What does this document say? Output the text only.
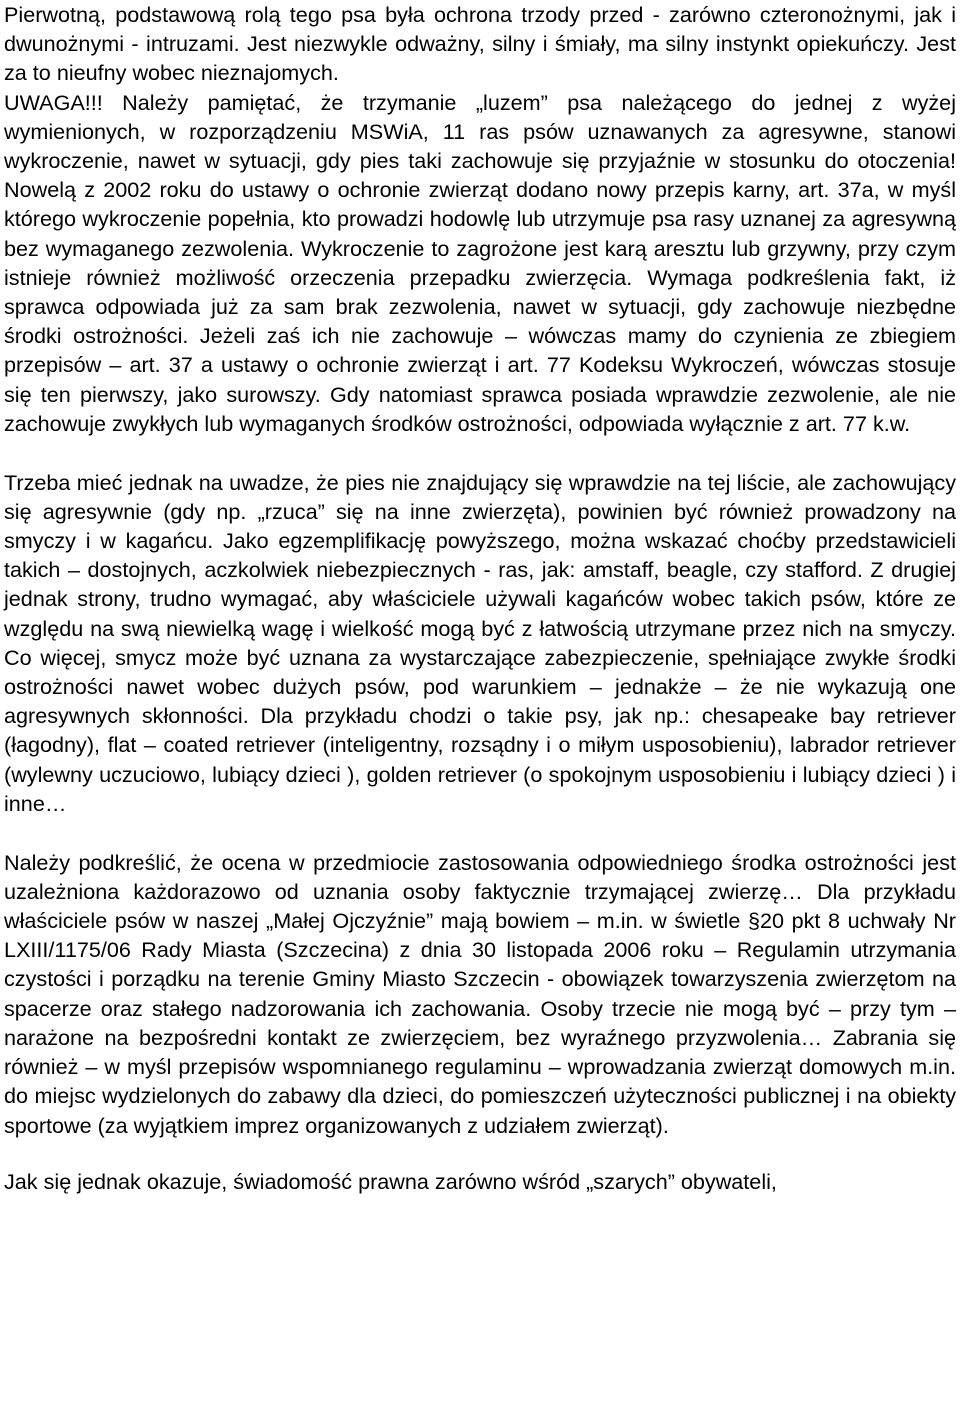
Pierwotną, podstawową rolą tego psa była ochrona trzody przed - zarówno czteronożnymi, jak i dwunożnymi - intruzami. Jest niezwykle odważny, silny i śmiały, ma silny instynkt opiekuńczy. Jest za to nieufny wobec nieznajomych.

UWAGA!!! Należy pamiętać, że trzymanie „luzem” psa należącego do jednej z wyżej wymienionych, w rozporządzeniu MSWiA, 11 ras psów uznawanych za agresywne, stanowi wykroczenie, nawet w sytuacji, gdy pies taki zachowuje się przyjaźnie w stosunku do otoczenia! Nowelą z 2002 roku do ustawy o ochronie zwierząt dodano nowy przepis karny, art. 37a, w myśl którego wykroczenie popełnia, kto prowadzi hodowlę lub utrzymuje psa rasy uznanej za agresywną bez wymaganego zezwolenia. Wykroczenie to zagrożone jest karą aresztu lub grzywny, przy czym istnieje również możliwość orzeczenia przepadku zwierzęcia. Wymaga podkreślenia fakt, iż sprawca odpowiada już za sam brak zezwolenia, nawet w sytuacji, gdy zachowuje niezbędne środki ostrożności. Jeżeli zaś ich nie zachowuje – wówczas mamy do czynienia ze zbiegiem przepisów – art. 37 a ustawy o ochronie zwierząt i art. 77 Kodeksu Wykroczeń, wówczas stosuje się ten pierwszy, jako surowszy. Gdy natomiast sprawca posiada wprawdzie zezwolenie, ale nie zachowuje zwykłych lub wymaganych środków ostrożności, odpowiada wyłącznie z art. 77 k.w.

Trzeba mieć jednak na uwadze, że pies nie znajdujący się wprawdzie na tej liście, ale zachowujący się agresywnie (gdy np. „rzuca” się na inne zwierzęta), powinien być również prowadzony na smyczy i w kagańcu. Jako egzemplifikację powyższego, można wskazać choćby przedstawicieli takich – dostojnych, aczkolwiek niebezpiecznych - ras, jak: amstaff, beagle, czy stafford. Z drugiej jednak strony, trudno wymagać, aby właściciele używali kagańców wobec takich psów, które ze względu na swą niewielką wagę i wielkość mogą być z łatwością utrzymane przez nich na smyczy. Co więcej, smycz może być uznana za wystarczające zabezpieczenie, spełniające zwykłe środki ostrożności nawet wobec dużych psów, pod warunkiem – jednakże – że nie wykazują one agresywnych skłonności. Dla przykładu chodzi o takie psy, jak np.: chesapeake bay retriever (łagodny), flat – coated retriever (inteligentny, rozsądny i o miłym usposobieniu), labrador retriever (wylewny uczuciowo, lubiący dzieci ), golden retriever (o spokojnym usposobieniu i lubiący dzieci ) i inne…

Należy podkreślić, że ocena w przedmiocie zastosowania odpowiedniego środka ostrożności jest uzależniona każdorazowo od uznania osoby faktycznie trzymającej zwierzę… Dla przykładu właściciele psów w naszej „Małej Ojczyźnie” mają bowiem – m.in. w świetle §20 pkt 8 uchwały Nr LXIII/1175/06 Rady Miasta (Szczecina) z dnia 30 listopada 2006 roku – Regulamin utrzymania czystości i porządku na terenie Gminy Miasto Szczecin - obowiązek towarzyszenia zwierzętom na spacerze oraz stałego nadzorowania ich zachowania. Osoby trzecie nie mogą być – przy tym – narażone na bezpośredni kontakt ze zwierzęciem, bez wyraźnego przyzwolenia… Zabrania się również – w myśl przepisów wspomnianego regulaminu – wprowadzania zwierząt domowych m.in. do miejsc wydzielonych do zabawy dla dzieci, do pomieszczeń użyteczności publicznej i na obiekty sportowe (za wyjątkiem imprez organizowanych z udziałem zwierząt).

Jak się jednak okazuje, świadomość prawna zarówno wśród „szarych” obywateli,
